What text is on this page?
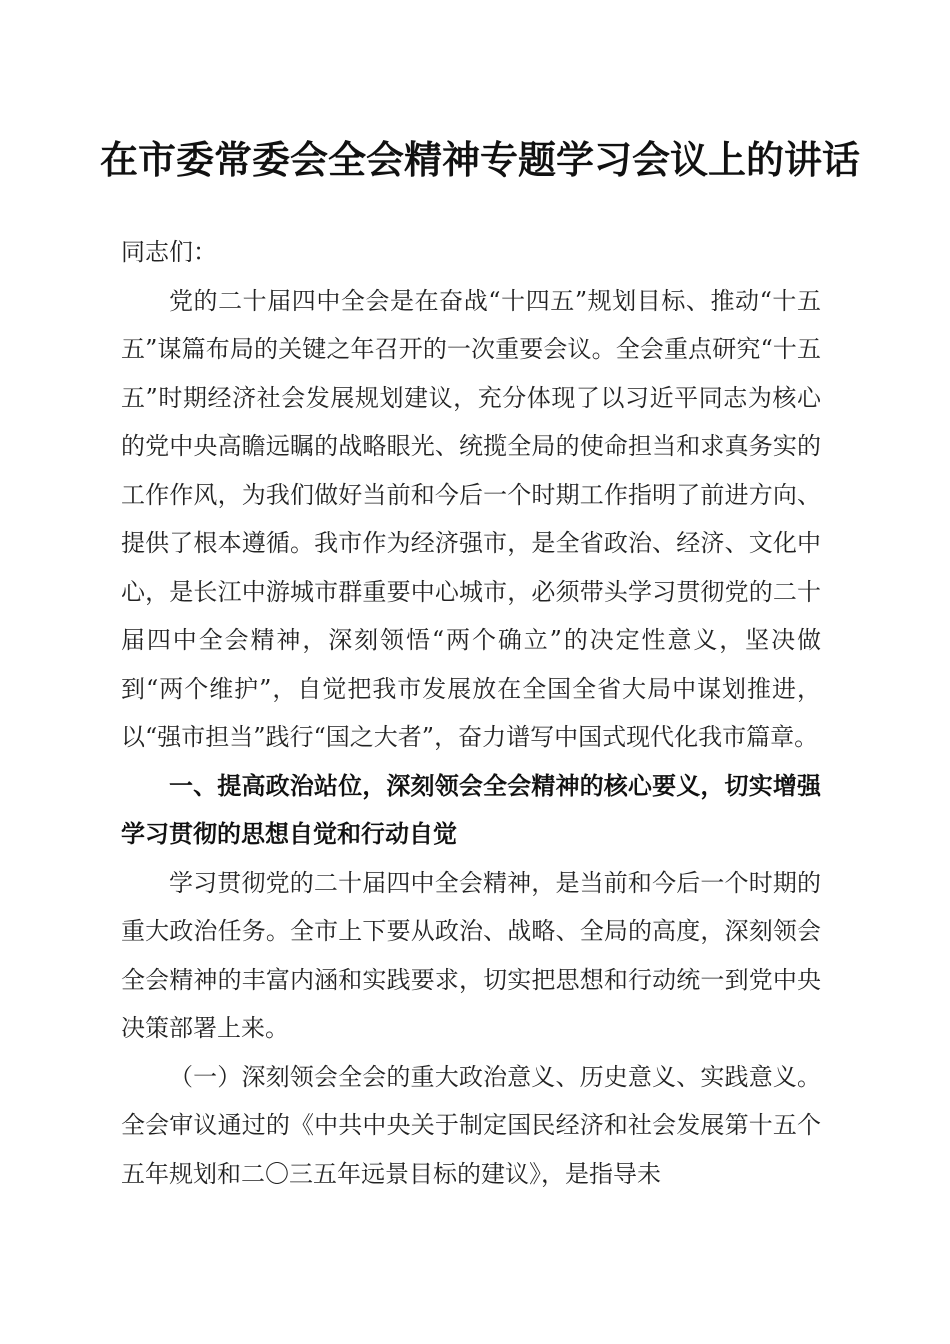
在市委常委会全会精神专题学习会议上的讲话

同志们：

党的二十届四中全会是在奋战“十四五”规划目标、推动“十五五”谋篇布局的关键之年召开的一次重要会议。全会重点研究“十五五”时期经济社会发展规划建议，充分体现了以习近平同志为核心的党中央高瞻远瞩的战略眼光、统揽全局的使命担当和求真务实的工作作风，为我们做好当前和今后一个时期工作指明了前进方向、提供了根本遵循。我市作为经济强市，是全省政治、经济、文化中心，是长江中游城市群重要中心城市，必须带头学习贯彻党的二十届四中全会精神，深刻领悟“两个确立”的决定性意义，坚决做到“两个维护”，自觉把我市发展放在全国全省大局中谋划推进，以“强市担当”践行“国之大者”，奋力谱写中国式现代化我市篇章。

一、提高政治站位，深刻领会全会精神的核心要义，切实增强学习贯彻的思想自觉和行动自觉

学习贯彻党的二十届四中全会精神，是当前和今后一个时期的重大政治任务。全市上下要从政治、战略、全局的高度，深刻领会全会精神的丰富内涵和实践要求，切实把思想和行动统一到党中央决策部署上来。

（一）深刻领会全会的重大政治意义、历史意义、实践意义。全会审议通过的《中共中央关于制定国民经济和社会发展第十五个五年规划和二〇三五年远景目标的建议》，是指导未
